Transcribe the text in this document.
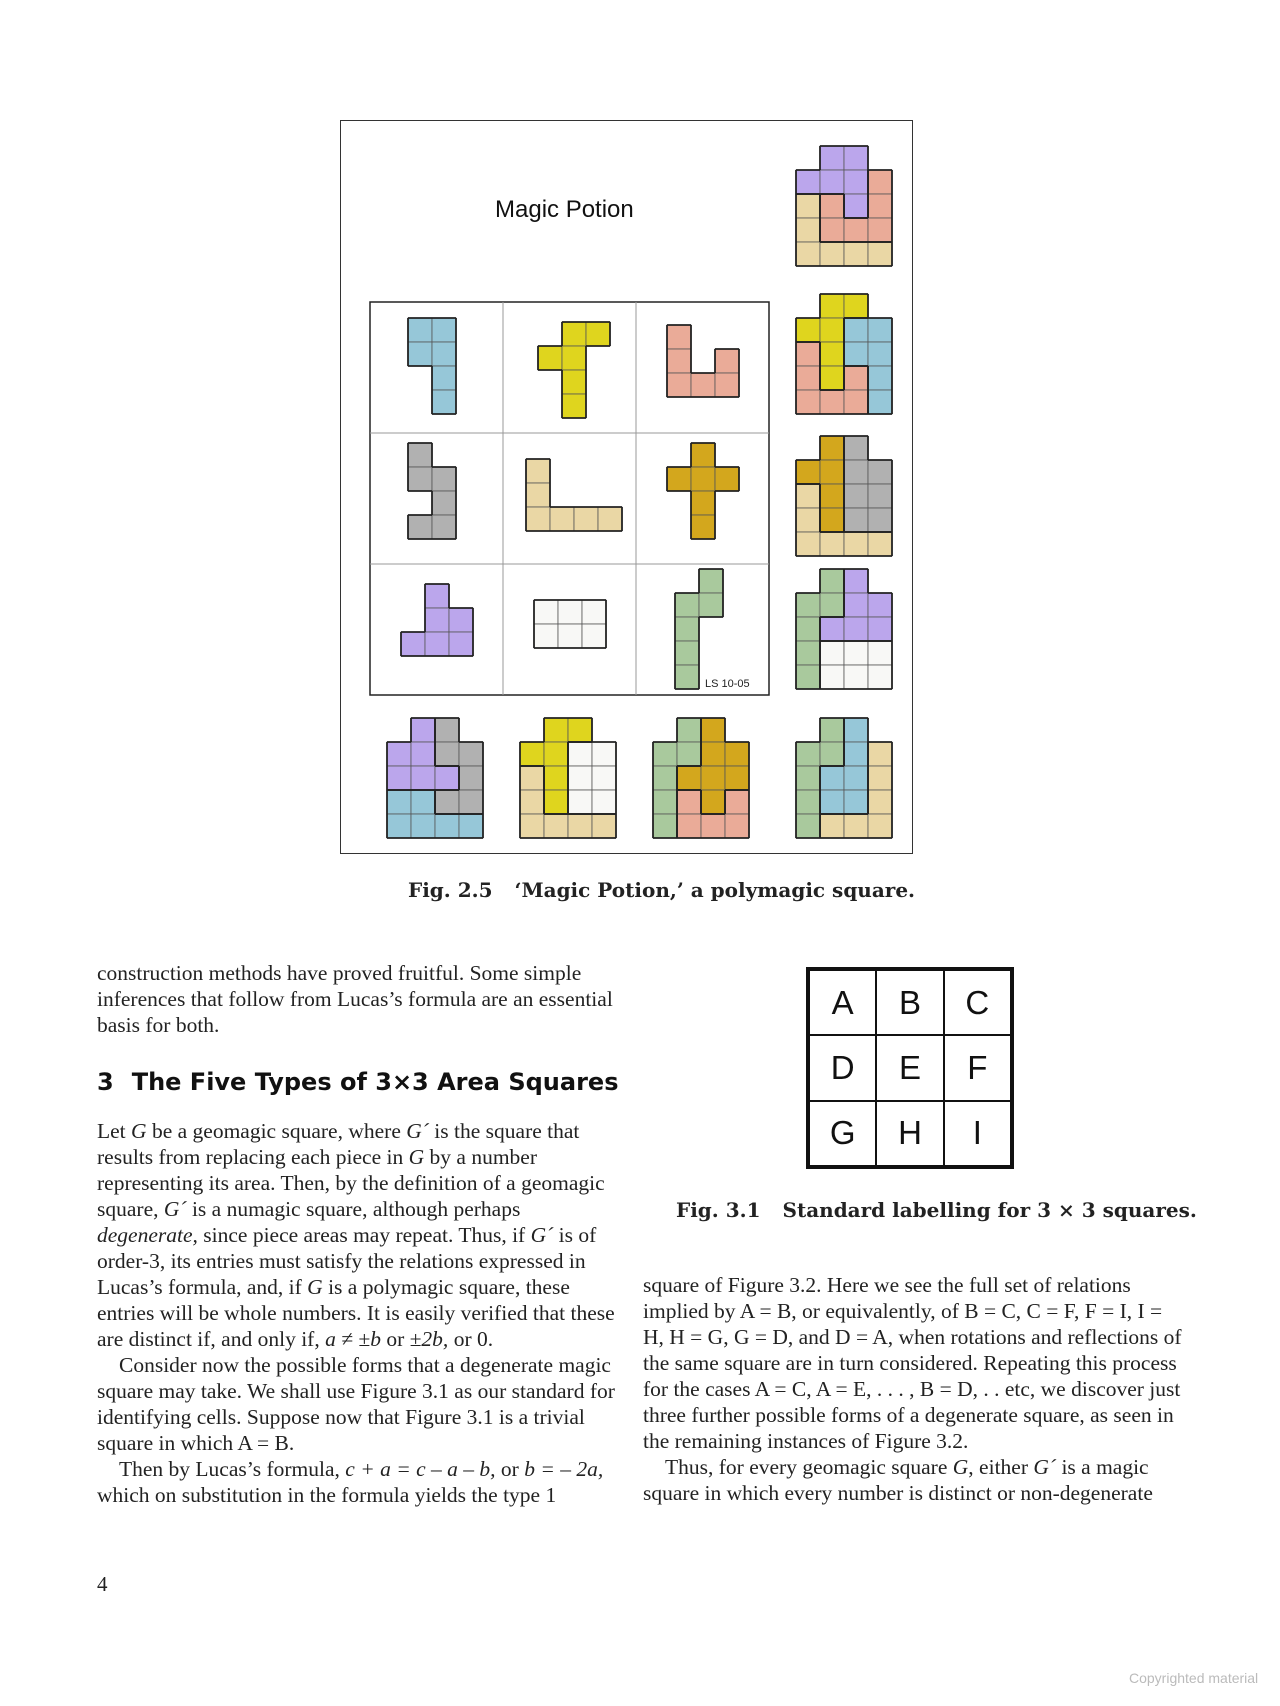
Magic Potion
LS 10-05
Fig. 2.5 ‘Magic Potion,’ a polymagic square.

construction methods have proved fruitful. Some simple inferences that follow from Lucas’s formula are an essential basis for both.

3 The Five Types of 3×3 Area Squares

Let G be a geomagic square, where G´ is the square that results from replacing each piece in G by a number representing its area. Then, by the definition of a geomagic square, G´ is a numagic square, although perhaps degenerate, since piece areas may repeat. Thus, if G´ is of order-3, its entries must satisfy the relations expressed in Lucas’s formula, and, if G is a polymagic square, these entries will be whole numbers. It is easily verified that these are distinct if, and only if, a ≠ ±b or ±2b, or 0.

Consider now the possible forms that a degenerate magic square may take. We shall use Figure 3.1 as our standard for identifying cells. Suppose now that Figure 3.1 is a trivial square in which A = B.

Then by Lucas’s formula, c + a = c – a – b, or b = – 2a, which on substitution in the formula yields the type 1

A	B	C
D	E	F
G	H	I
Fig. 3.1 Standard labelling for 3 × 3 squares.

square of Figure 3.2. Here we see the full set of relations implied by A = B, or equivalently, of B = C, C = F, F = I, I = H, H = G, G = D, and D = A, when rotations and reflections of the same square are in turn considered. Repeating this process for the cases A = C, A = E, . . . , B = D, . . etc, we discover just three further possible forms of a degenerate square, as seen in the remaining instances of Figure 3.2.

Thus, for every geomagic square G, either G´ is a magic square in which every number is distinct or non-degenerate

4
Copyrighted material
